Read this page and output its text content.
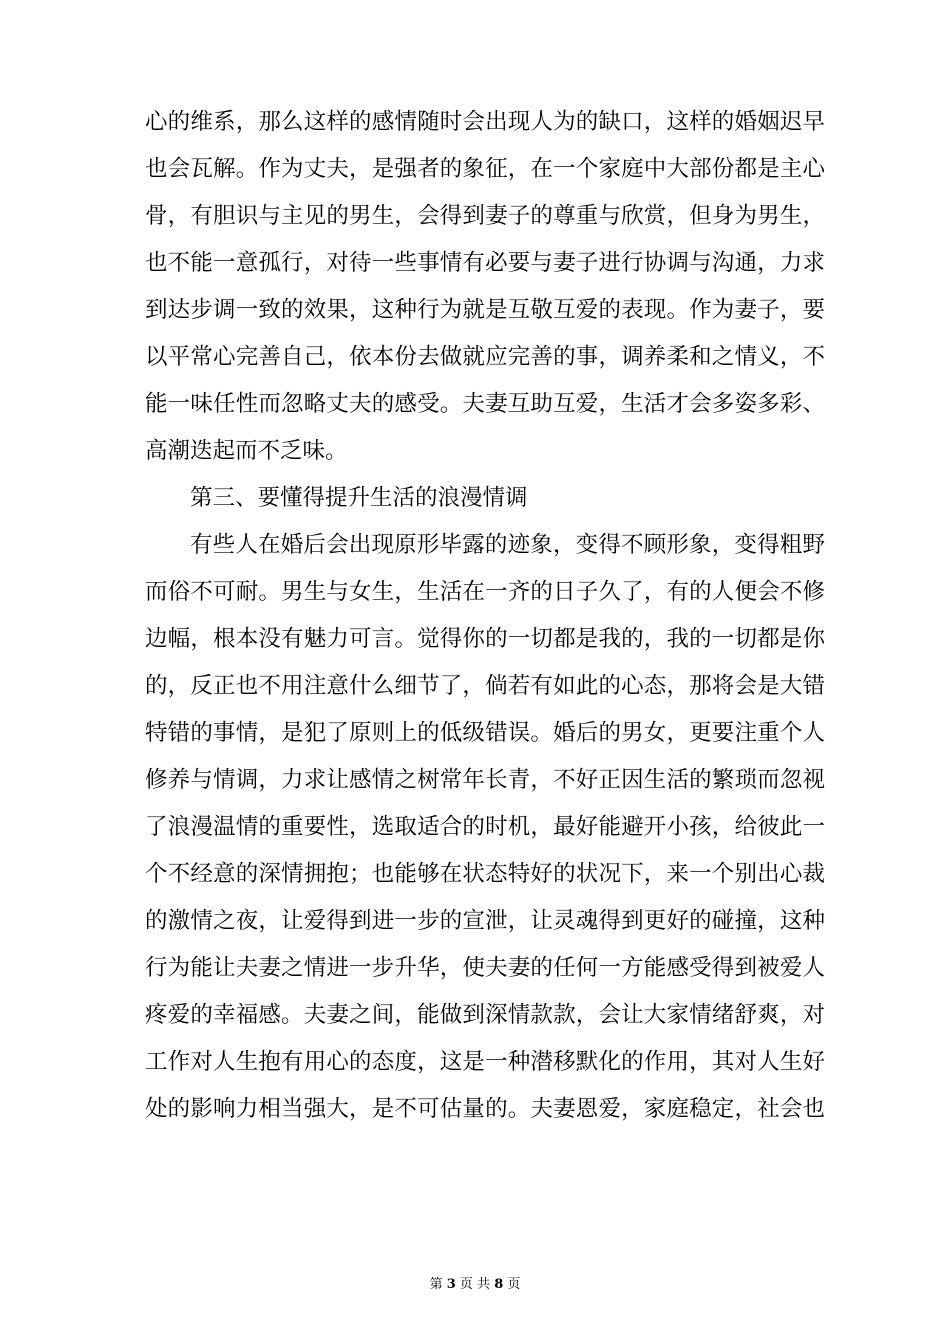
心的维系，那么这样的感情随时会出现人为的缺口，这样的婚姻迟早
也会瓦解。作为丈夫，是强者的象征，在一个家庭中大部份都是主心
骨，有胆识与主见的男生，会得到妻子的尊重与欣赏，但身为男生，
也不能一意孤行，对待一些事情有必要与妻子进行协调与沟通，力求
到达步调一致的效果，这种行为就是互敬互爱的表现。作为妻子，要
以平常心完善自己，依本份去做就应完善的事，调养柔和之情义，不
能一味任性而忽略丈夫的感受。夫妻互助互爱，生活才会多姿多彩、
高潮迭起而不乏味。
第三、要懂得提升生活的浪漫情调
有些人在婚后会出现原形毕露的迹象，变得不顾形象，变得粗野
而俗不可耐。男生与女生，生活在一齐的日子久了，有的人便会不修
边幅，根本没有魅力可言。觉得你的一切都是我的，我的一切都是你
的，反正也不用注意什么细节了，倘若有如此的心态，那将会是大错
特错的事情，是犯了原则上的低级错误。婚后的男女，更要注重个人
修养与情调，力求让感情之树常年长青，不好正因生活的繁琐而忽视
了浪漫温情的重要性，选取适合的时机，最好能避开小孩，给彼此一
个不经意的深情拥抱；也能够在状态特好的状况下，来一个别出心裁
的激情之夜，让爱得到进一步的宣泄，让灵魂得到更好的碰撞，这种
行为能让夫妻之情进一步升华，使夫妻的任何一方能感受得到被爱人
疼爱的幸福感。夫妻之间，能做到深情款款，会让大家情绪舒爽，对
工作对人生抱有用心的态度，这是一种潜移默化的作用，其对人生好
处的影响力相当强大，是不可估量的。夫妻恩爱，家庭稳定，社会也
第 3 页 共 8 页
